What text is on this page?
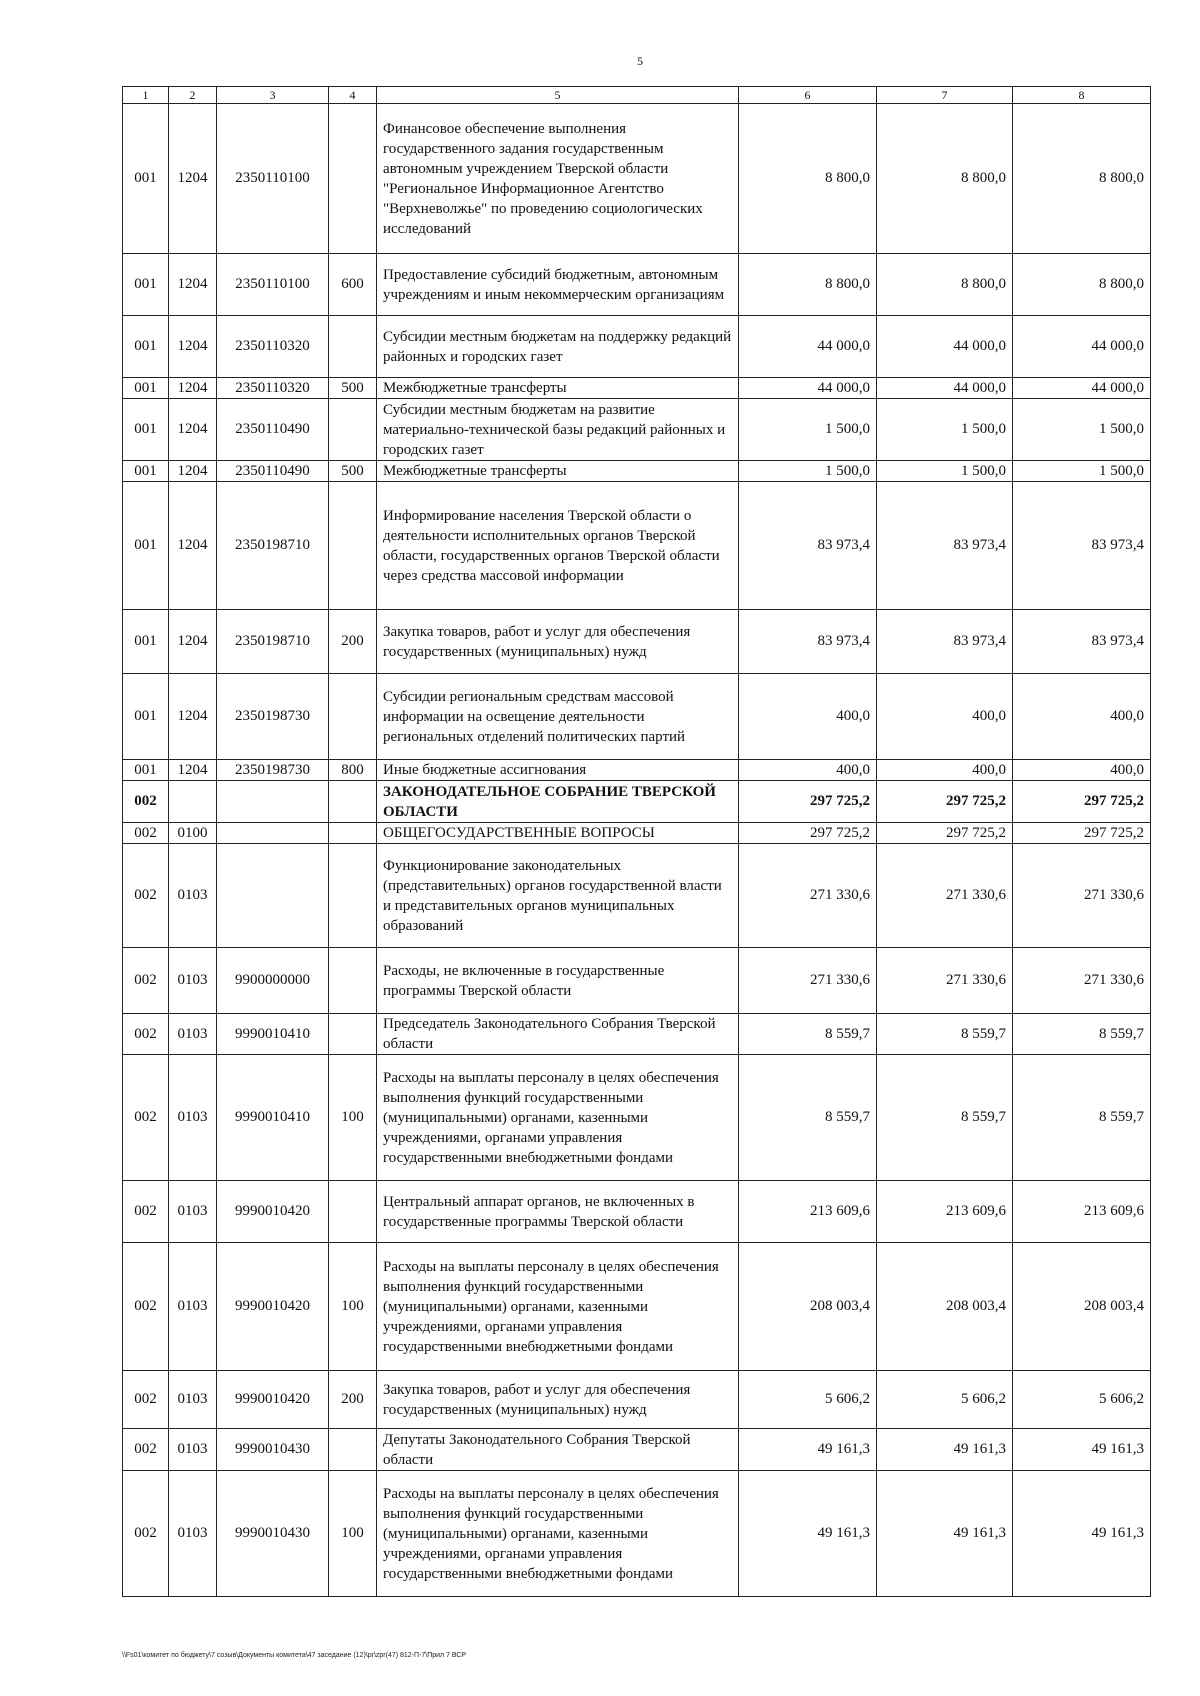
5
1	2	3	4	5	6	7	8
001	1204	2350110100		Финансовое обеспечение выполнения государственного задания государственным автономным учреждением Тверской области "Региональное Информационное Агентство "Верхневолжье" по проведению социологических исследований	8 800,0	8 800,0	8 800,0
001	1204	2350110100	600	Предоставление субсидий бюджетным, автономным учреждениям и иным некоммерческим организациям	8 800,0	8 800,0	8 800,0
001	1204	2350110320		Субсидии местным бюджетам на поддержку редакций районных и городских газет	44 000,0	44 000,0	44 000,0
001	1204	2350110320	500	Межбюджетные трансферты	44 000,0	44 000,0	44 000,0
001	1204	2350110490		Субсидии местным бюджетам на развитие материально-технической базы редакций районных и городских газет	1 500,0	1 500,0	1 500,0
001	1204	2350110490	500	Межбюджетные трансферты	1 500,0	1 500,0	1 500,0
001	1204	2350198710		Информирование населения Тверской области о деятельности исполнительных органов Тверской области, государственных органов Тверской области через средства массовой информации	83 973,4	83 973,4	83 973,4
001	1204	2350198710	200	Закупка товаров, работ и услуг для обеспечения государственных (муниципальных) нужд	83 973,4	83 973,4	83 973,4
001	1204	2350198730		Субсидии региональным средствам массовой информации на освещение деятельности региональных отделений политических партий	400,0	400,0	400,0
001	1204	2350198730	800	Иные бюджетные ассигнования	400,0	400,0	400,0
002				ЗАКОНОДАТЕЛЬНОЕ СОБРАНИЕ ТВЕРСКОЙ ОБЛАСТИ	297 725,2	297 725,2	297 725,2
002	0100			ОБЩЕГОСУДАРСТВЕННЫЕ ВОПРОСЫ	297 725,2	297 725,2	297 725,2
002	0103			Функционирование законодательных (представительных) органов государственной власти и представительных органов муниципальных образований	271 330,6	271 330,6	271 330,6
002	0103	9900000000		Расходы, не включенные в государственные программы Тверской области	271 330,6	271 330,6	271 330,6
002	0103	9990010410		Председатель Законодательного Собрания Тверской области	8 559,7	8 559,7	8 559,7
002	0103	9990010410	100	Расходы на выплаты персоналу в целях обеспечения выполнения функций государственными (муниципальными) органами, казенными учреждениями, органами управления государственными внебюджетными фондами	8 559,7	8 559,7	8 559,7
002	0103	9990010420		Центральный аппарат органов, не включенных в государственные программы Тверской области	213 609,6	213 609,6	213 609,6
002	0103	9990010420	100	Расходы на выплаты персоналу в целях обеспечения выполнения функций государственными (муниципальными) органами, казенными учреждениями, органами управления государственными внебюджетными фондами	208 003,4	208 003,4	208 003,4
002	0103	9990010420	200	Закупка товаров, работ и услуг для обеспечения государственных (муниципальных) нужд	5 606,2	5 606,2	5 606,2
002	0103	9990010430		Депутаты Законодательного Собрания Тверской области	49 161,3	49 161,3	49 161,3
002	0103	9990010430	100	Расходы на выплаты персоналу в целях обеспечения выполнения функций государственными (муниципальными) органами, казенными учреждениями, органами управления государственными внебюджетными фондами	49 161,3	49 161,3	49 161,3
\\Fs01\комитет по бюджету\7 созыв\Документы комитета\47 заседание (12)\pr\zpr(47) 812-П-7\Прил 7 ВСР
